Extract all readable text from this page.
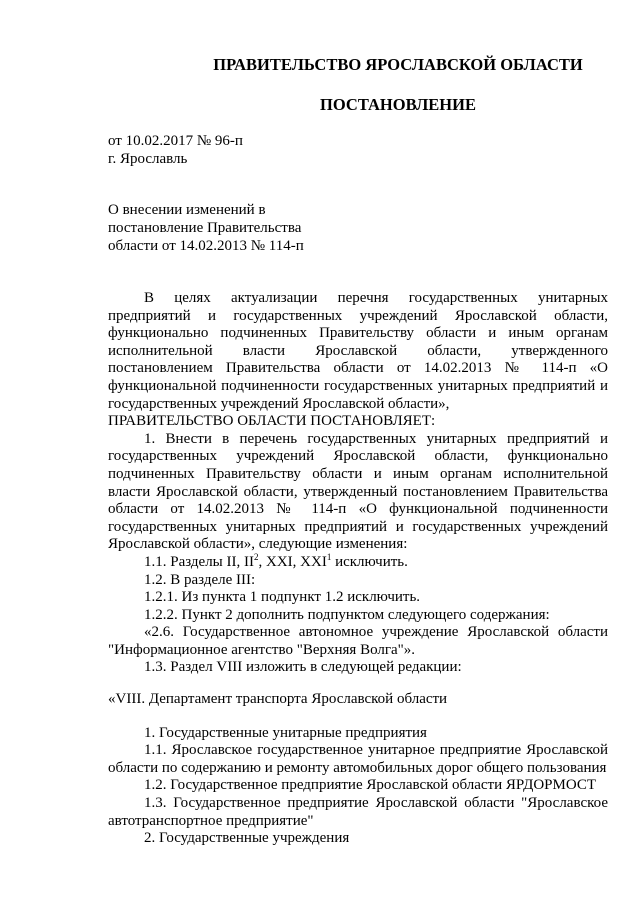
ПРАВИТЕЛЬСТВО ЯРОСЛАВСКОЙ ОБЛАСТИ
ПОСТАНОВЛЕНИЕ
от 10.02.2017 № 96-п
г. Ярославль
О внесении изменений в
постановление Правительства
области от 14.02.2013 № 114-п

В целях актуализации перечня государственных унитарных предприятий и государственных учреждений Ярославской области, функционально подчиненных Правительству области и иным органам исполнительной власти Ярославской области, утвержденного постановлением Правительства области от 14.02.2013 № 114-п «О функциональной подчиненности государственных унитарных предприятий и государственных учреждений Ярославской области»,

ПРАВИТЕЛЬСТВО ОБЛАСТИ ПОСТАНОВЛЯЕТ:

1. Внести в перечень государственных унитарных предприятий и государственных учреждений Ярославской области, функционально подчиненных Правительству области и иным органам исполнительной власти Ярославской области, утвержденный постановлением Правительства области от 14.02.2013 № 114-п «О функциональной подчиненности государственных унитарных предприятий и государственных учреждений Ярославской области», следующие изменения:

1.1. Разделы II, $II^2$, XXI, XXI$^1$ исключить.

1.2. В разделе III:

1.2.1. Из пункта 1 подпункт 1.2 исключить.

1.2.2. Пункт 2 дополнить подпунктом следующего содержания:

«2.6. Государственное автономное учреждение Ярославской области "Информационное агентство "Верхняя Волга"».

1.3. Раздел VIII изложить в следующей редакции:

«VIII. Департамент транспорта Ярославской области

1. Государственные унитарные предприятия

1.1. Ярославское государственное унитарное предприятие Ярославской области по содержанию и ремонту автомобильных дорог общего пользования

1.2. Государственное предприятие Ярославской области ЯРДОРМОСТ

1.3. Государственное предприятие Ярославской области "Ярославское автотранспортное предприятие"

2. Государственные учреждения
